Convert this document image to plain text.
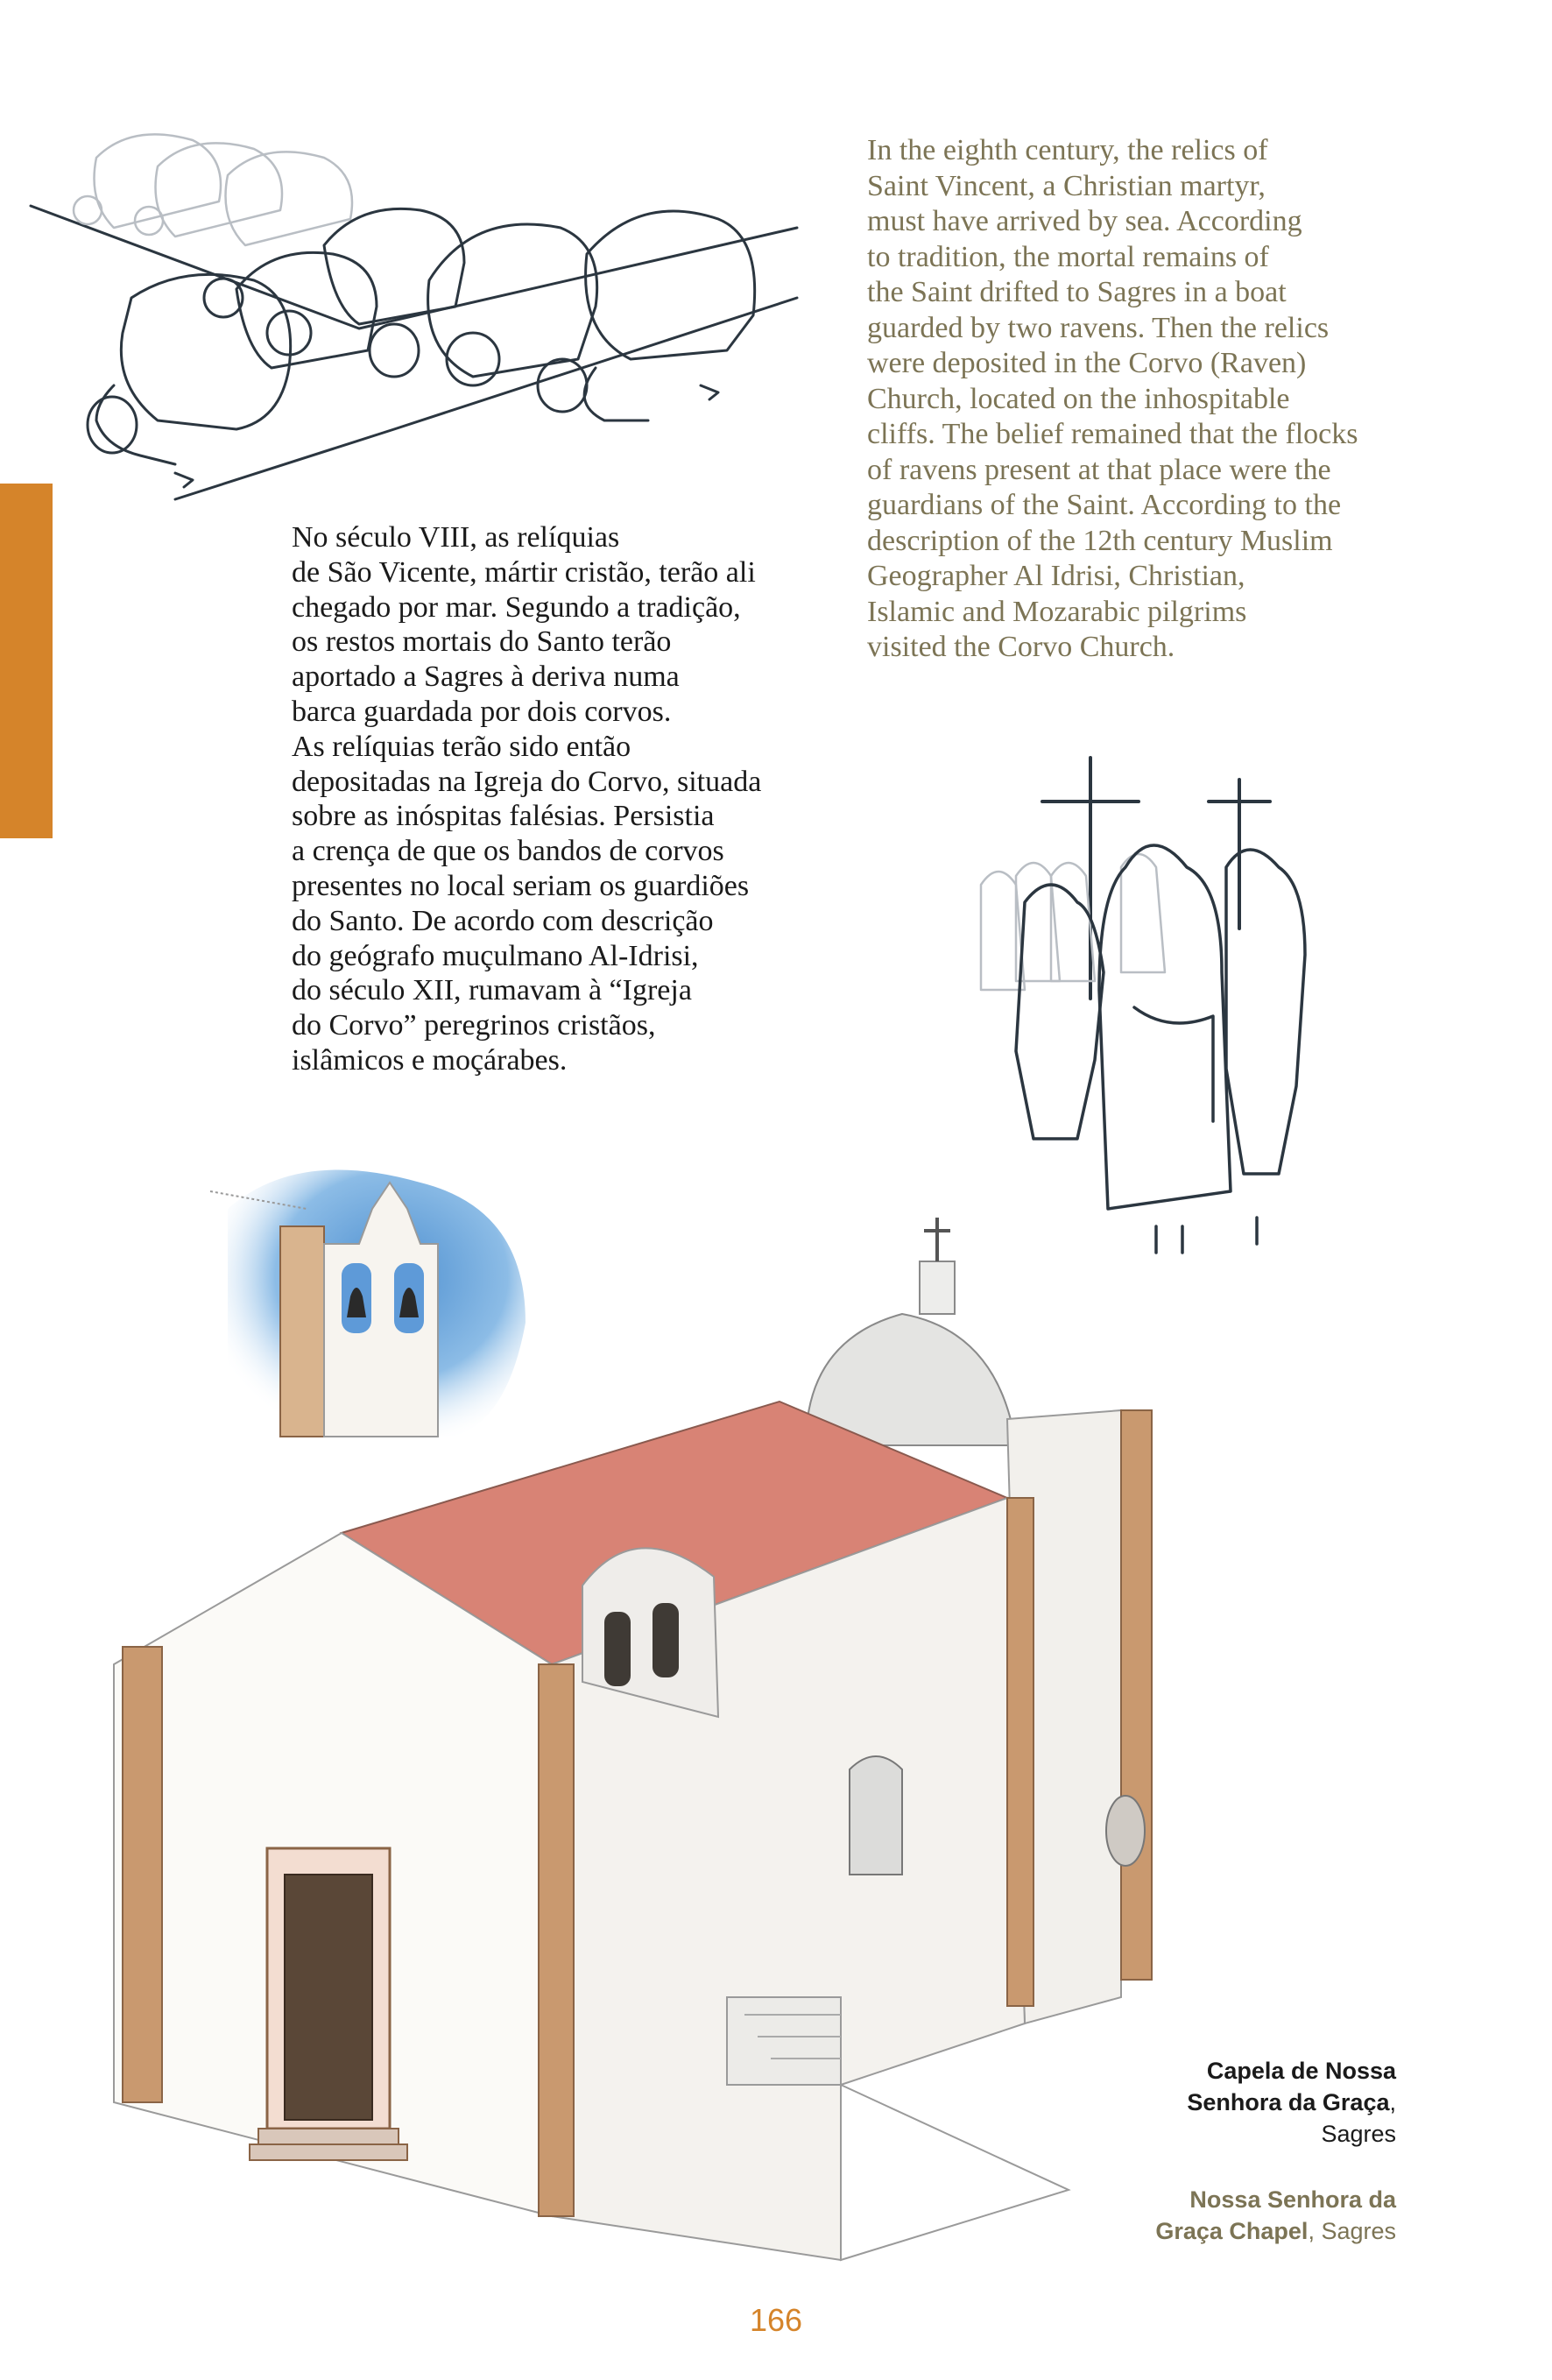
In the eighth century, the relics of
Saint Vincent, a Christian martyr,
must have arrived by sea. According
to tradition, the mortal remains of
the Saint drifted to Sagres in a boat
guarded by two ravens. Then the relics
were deposited in the Corvo (Raven)
Church, located on the inhospitable
cliffs. The belief remained that the flocks
of ravens present at that place were the
guardians of the Saint. According to the
description of the 12th century Muslim
Geographer Al Idrisi, Christian,
Islamic and Mozarabic pilgrims
visited the Corvo Church.

No século VIII, as relíquias
de São Vicente, mártir cristão, terão ali
chegado por mar. Segundo a tradição,
os restos mortais do Santo terão
aportado a Sagres à deriva numa
barca guardada por dois corvos.
As relíquias terão sido então
depositadas na Igreja do Corvo, situada
sobre as inóspitas falésias. Persistia
a crença de que os bandos de corvos
presentes no local seriam os guardiões
do Santo. De acordo com descrição
do geógrafo muçulmano Al-Idrisi,
do século XII, rumavam à “Igreja
do Corvo” peregrinos cristãos,
islâmicos e moçárabes.

Capela de Nossa
Senhora da Graça,
Sagres
Nossa Senhora da
Graça Chapel, Sagres
166
